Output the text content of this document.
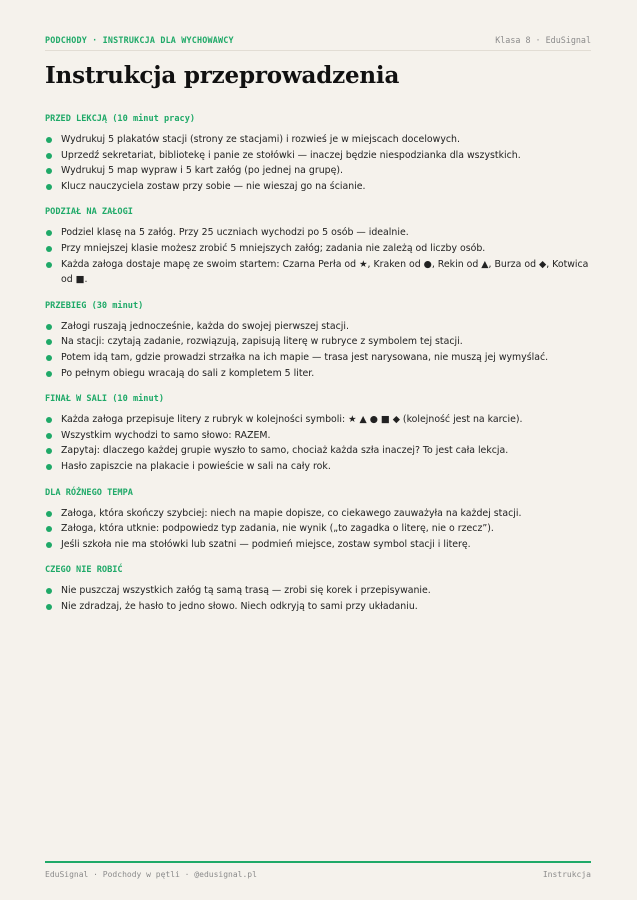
PODCHODY · INSTRUKCJA DLA WYCHOWAWCY	Klasa 8 · EduSignal
Instrukcja przeprowadzenia
PRZED LEKCJĄ (10 minut pracy)
Wydrukuj 5 plakatów stacji (strony ze stacjami) i rozwieś je w miejscach docelowych.
Uprzedź sekretariat, bibliotekę i panie ze stołówki — inaczej będzie niespodzianka dla wszystkich.
Wydrukuj 5 map wypraw i 5 kart załóg (po jednej na grupę).
Klucz nauczyciela zostaw przy sobie — nie wieszaj go na ścianie.
PODZIAŁ NA ZAŁOGI
Podziel klasę na 5 załóg. Przy 25 uczniach wychodzi po 5 osób — idealnie.
Przy mniejszej klasie możesz zrobić 5 mniejszych załóg; zadania nie zależą od liczby osób.
Każda załoga dostaje mapę ze swoim startem: Czarna Perła od ★, Kraken od ●, Rekin od ▲, Burza od ◆, Kotwica od ■.
PRZEBIEG (30 minut)
Załogi ruszają jednocześnie, każda do swojej pierwszej stacji.
Na stacji: czytają zadanie, rozwiązują, zapisują literę w rubryce z symbolem tej stacji.
Potem idą tam, gdzie prowadzi strzałka na ich mapie — trasa jest narysowana, nie muszą jej wymyślać.
Po pełnym obiegu wracają do sali z kompletem 5 liter.
FINAŁ W SALI (10 minut)
Każda załoga przepisuje litery z rubryk w kolejności symboli: ★ ▲ ● ■ ◆ (kolejność jest na karcie).
Wszystkim wychodzi to samo słowo: RAZEM.
Zapytaj: dlaczego każdej grupie wyszło to samo, chociaż każda szła inaczej? To jest cała lekcja.
Hasło zapiszcie na plakacie i powieście w sali na cały rok.
DLA RÓŻNEGO TEMPA
Załoga, która skończy szybciej: niech na mapie dopisze, co ciekawego zauważyła na każdej stacji.
Załoga, która utknie: podpowiedz typ zadania, nie wynik („to zagadka o literę, nie o rzecz”).
Jeśli szkoła nie ma stołówki lub szatni — podmień miejsce, zostaw symbol stacji i literę.
CZEGO NIE ROBIĆ
Nie puszczaj wszystkich załóg tą samą trasą — zrobi się korek i przepisywanie.
Nie zdradzaj, że hasło to jedno słowo. Niech odkryją to sami przy układaniu.
EduSignal · Podchody w pętli · @edusignal.pl	Instrukcja
